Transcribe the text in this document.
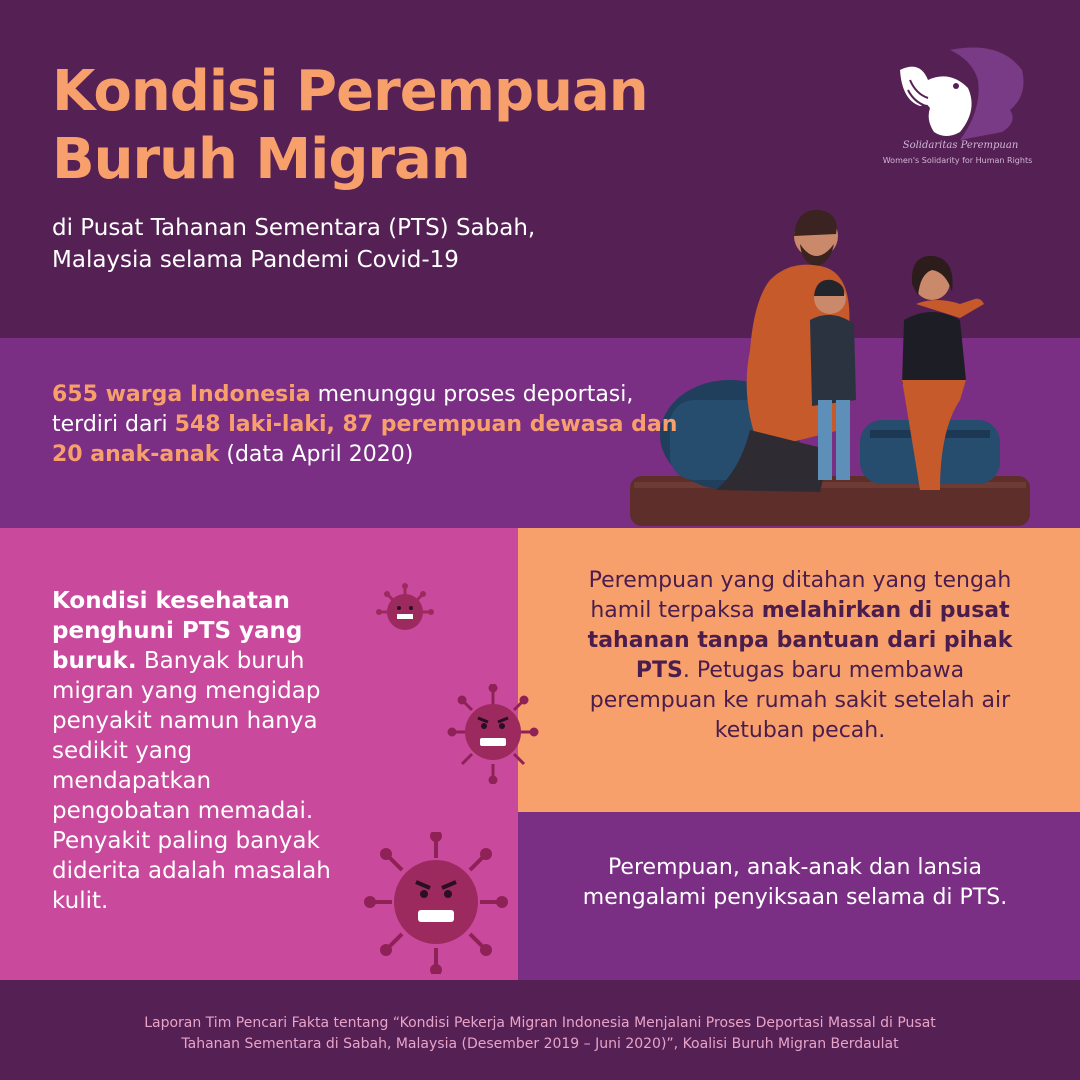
Kondisi Perempuan
Buruh Migran
di Pusat Tahanan Sementara (PTS) Sabah,
Malaysia selama Pandemi Covid-19
Solidaritas Perempuan
Women's Solidarity for Human Rights
655 warga Indonesia menunggu proses deportasi,
terdiri dari 548 laki-laki, 87 perempuan dewasa dan
20 anak-anak (data April 2020)
Kondisi kesehatan penghuni PTS yang buruk. Banyak buruh migran yang mengidap penyakit namun hanya sedikit yang mendapatkan pengobatan memadai. Penyakit paling banyak diderita adalah masalah kulit.
Perempuan yang ditahan yang tengah hamil terpaksa melahirkan di pusat tahanan tanpa bantuan dari pihak PTS. Petugas baru membawa perempuan ke rumah sakit setelah air ketuban pecah.
Perempuan, anak-anak dan lansia mengalami penyiksaan selama di PTS.
Laporan Tim Pencari Fakta tentang “Kondisi Pekerja Migran Indonesia Menjalani Proses Deportasi Massal di Pusat
Tahanan Sementara di Sabah, Malaysia (Desember 2019 – Juni 2020)”, Koalisi Buruh Migran Berdaulat
